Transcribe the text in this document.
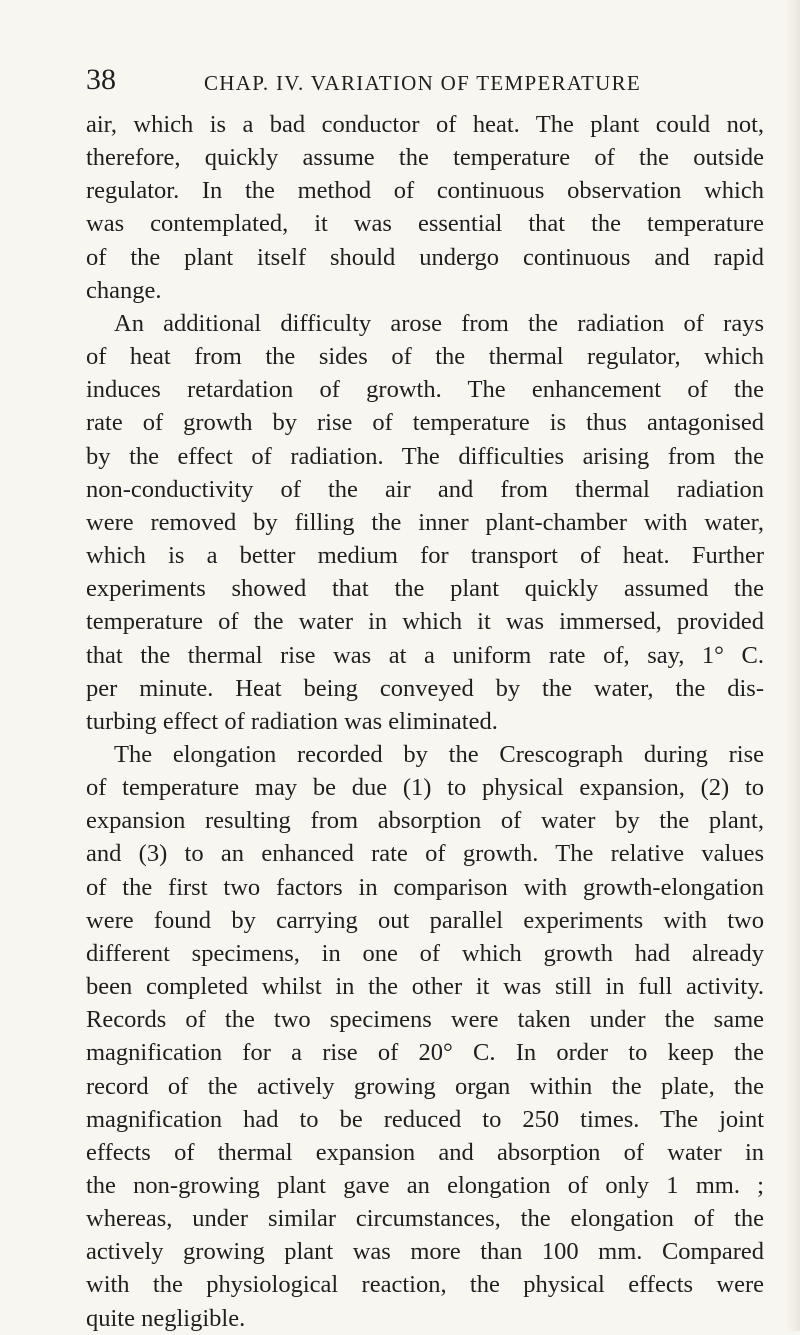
38	CHAP. IV. VARIATION OF TEMPERATURE

air, which is a bad conductor of heat. The plant could not,
therefore, quickly assume the temperature of the outside
regulator. In the method of continuous observation which
was contemplated, it was essential that the temperature
of the plant itself should undergo continuous and rapid
change.

An additional difficulty arose from the radiation of rays
of heat from the sides of the thermal regulator, which
induces retardation of growth. The enhancement of the
rate of growth by rise of temperature is thus antagonised
by the effect of radiation. The difficulties arising from the
non-conductivity of the air and from thermal radiation
were removed by filling the inner plant-chamber with water,
which is a better medium for transport of heat. Further
experiments showed that the plant quickly assumed the
temperature of the water in which it was immersed, provided
that the thermal rise was at a uniform rate of, say, 1° C.
per minute. Heat being conveyed by the water, the dis-
turbing effect of radiation was eliminated.

The elongation recorded by the Crescograph during rise
of temperature may be due (1) to physical expansion, (2) to
expansion resulting from absorption of water by the plant,
and (3) to an enhanced rate of growth. The relative values
of the first two factors in comparison with growth-elongation
were found by carrying out parallel experiments with two
different specimens, in one of which growth had already
been completed whilst in the other it was still in full activity.
Records of the two specimens were taken under the same
magnification for a rise of 20° C. In order to keep the
record of the actively growing organ within the plate, the
magnification had to be reduced to 250 times. The joint
effects of thermal expansion and absorption of water in
the non-growing plant gave an elongation of only 1 mm. ;
whereas, under similar circumstances, the elongation of the
actively growing plant was more than 100 mm. Compared
with the physiological reaction, the physical effects were
quite negligible.
